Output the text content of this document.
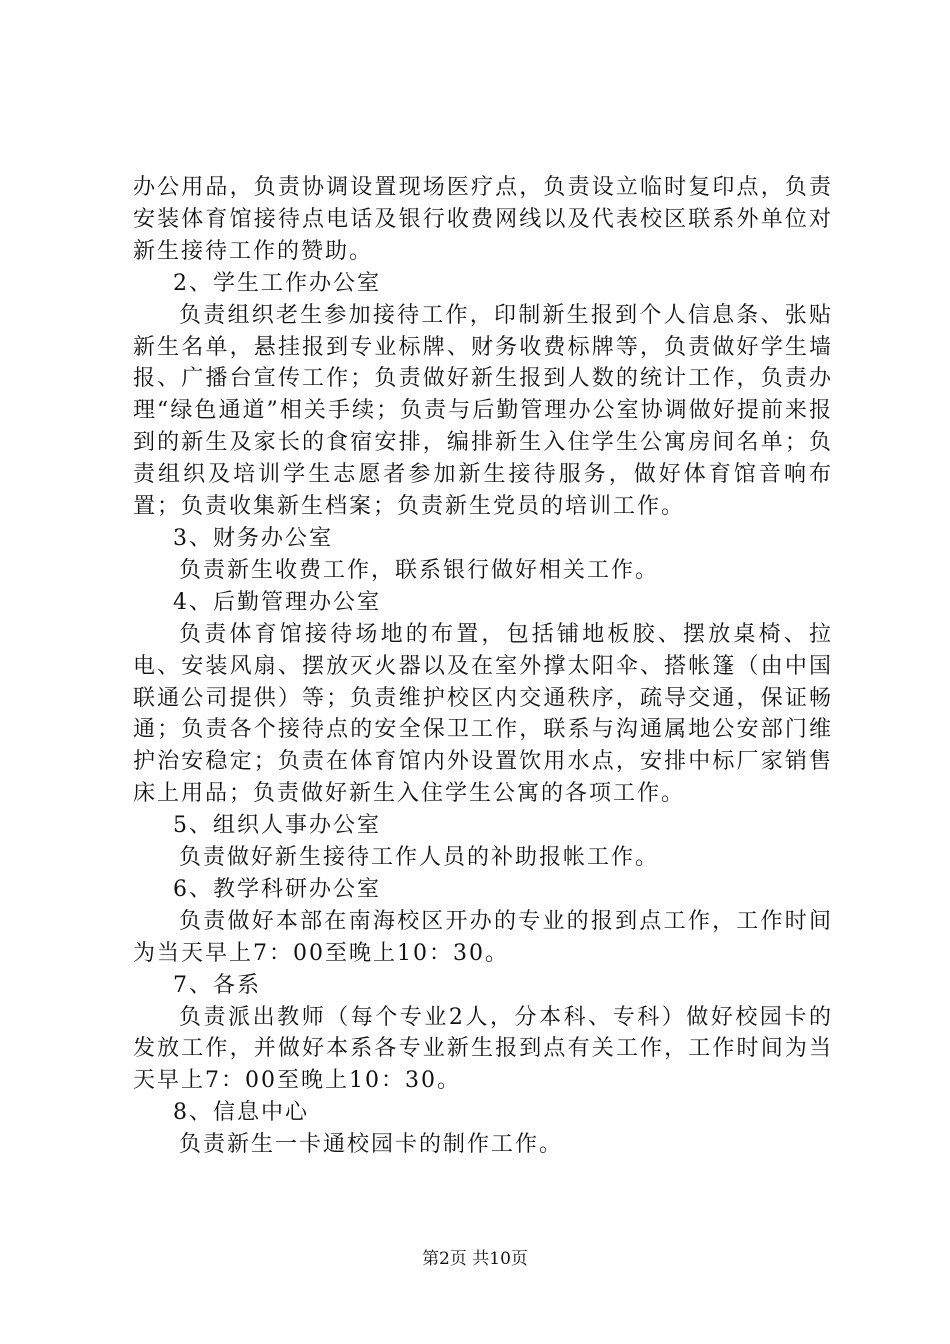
办公用品，负责协调设置现场医疗点，负责设立临时复印点，负责安装体育馆接待点电话及银行收费网线以及代表校区联系外单位对新生接待工作的赞助。

2、学生工作办公室

负责组织老生参加接待工作，印制新生报到个人信息条、张贴新生名单，悬挂报到专业标牌、财务收费标牌等，负责做好学生墙报、广播台宣传工作；负责做好新生报到人数的统计工作，负责办理“绿色通道”相关手续；负责与后勤管理办公室协调做好提前来报到的新生及家长的食宿安排，编排新生入住学生公寓房间名单；负责组织及培训学生志愿者参加新生接待服务，做好体育馆音响布置；负责收集新生档案；负责新生党员的培训工作。

3、财务办公室

负责新生收费工作，联系银行做好相关工作。

4、后勤管理办公室

负责体育馆接待场地的布置，包括铺地板胶、摆放桌椅、拉电、安装风扇、摆放灭火器以及在室外撑太阳伞、搭帐篷（由中国联通公司提供）等；负责维护校区内交通秩序，疏导交通，保证畅通；负责各个接待点的安全保卫工作，联系与沟通属地公安部门维护治安稳定；负责在体育馆内外设置饮用水点，安排中标厂家销售床上用品；负责做好新生入住学生公寓的各项工作。

5、组织人事办公室

负责做好新生接待工作人员的补助报帐工作。

6、教学科研办公室

负责做好本部在南海校区开办的专业的报到点工作，工作时间为当天早上7：00至晚上10：30。

7、各系

负责派出教师（每个专业2人，分本科、专科）做好校园卡的发放工作，并做好本系各专业新生报到点有关工作，工作时间为当天早上7：00至晚上10：30。

8、信息中心

负责新生一卡通校园卡的制作工作。

第2页 共10页
